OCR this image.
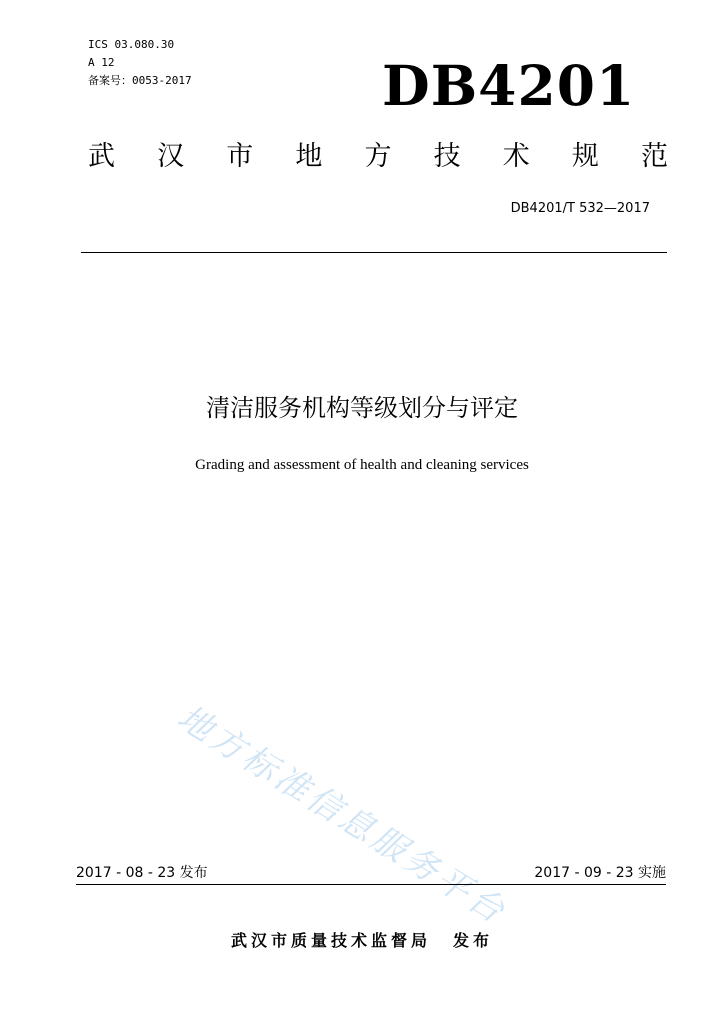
ICS 03.080.30
A 12
备案号：0053-2017	DB4201
武 汉 市 地 方 技 术 规 范
DB4201/T 532—2017
清洁服务机构等级划分与评定
Grading and assessment of health and cleaning services
地方标准信息服务平台
2017 - 08 - 23 发布	2017 - 09 - 23 实施
武汉市质量技术监督局 发布
